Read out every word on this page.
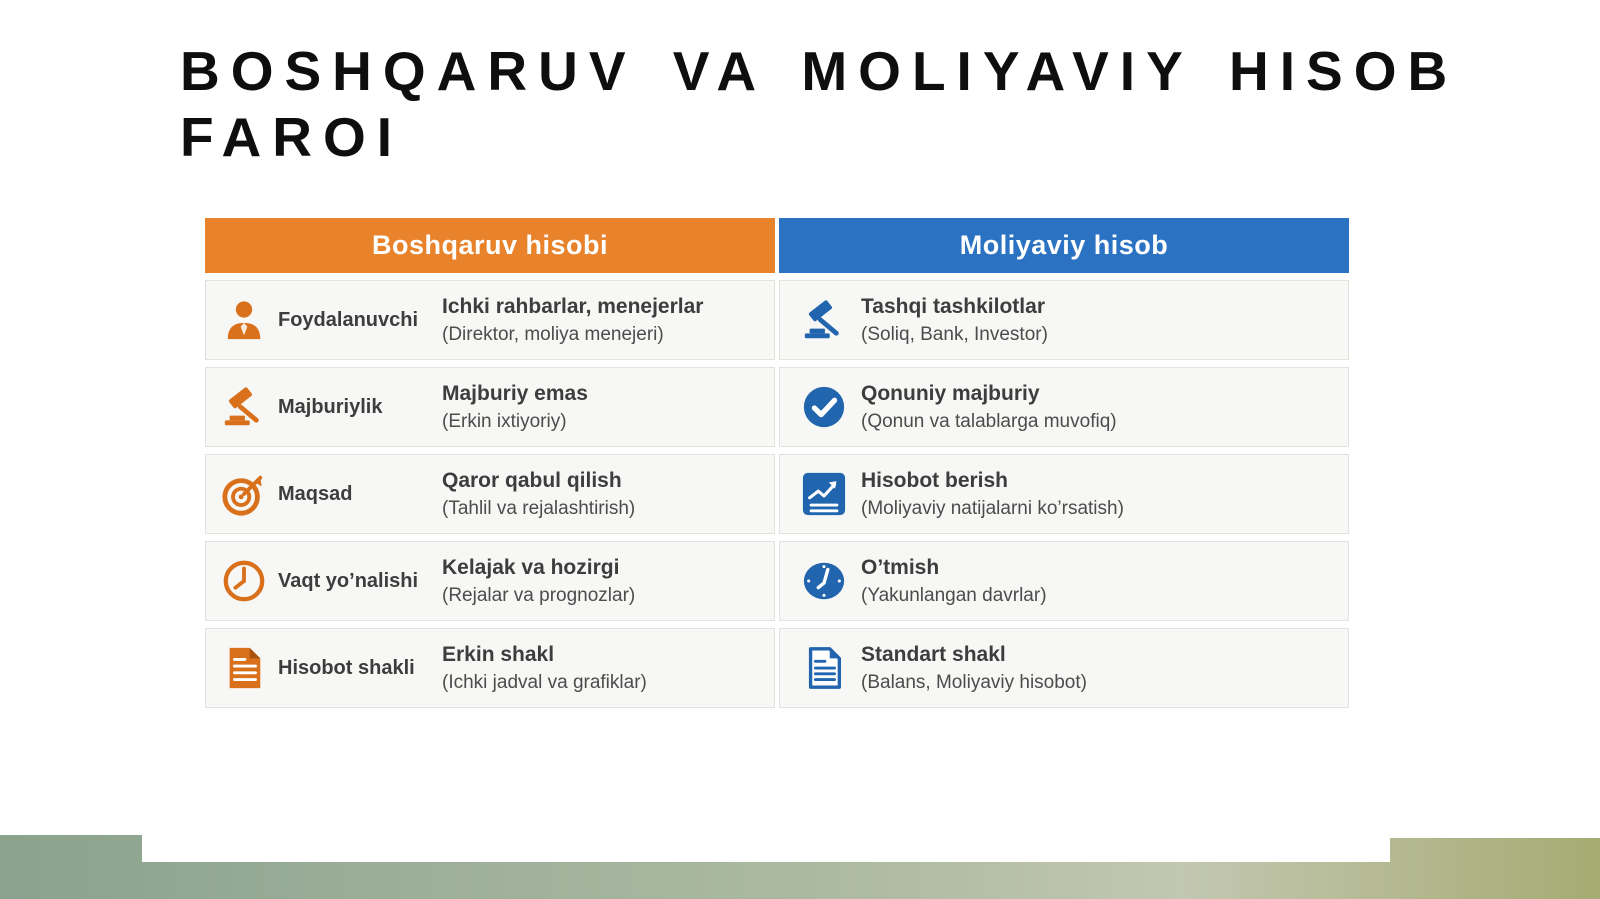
BOSHQARUV VA MOLIYAVIY HISOB
FAROI
Boshqaruv hisobi	Moliyaviy hisob
Foydalanuvchi
Ichki rahbarlar, menejerlar
(Direktor, moliya menejeri)
Tashqi tashkilotlar
(Soliq, Bank, Investor)
Majburiylik
Majburiy emas
(Erkin ixtiyoriy)
Qonuniy majburiy
(Qonun va talablarga muvofiq)
Maqsad
Qaror qabul qilish
(Tahlil va rejalashtirish)
Hisobot berish
(Moliyaviy natijalarni ko’rsatish)
Vaqt yo’nalishi
Kelajak va hozirgi
(Rejalar va prognozlar)
O’tmish
(Yakunlangan davrlar)
Hisobot shakli
Erkin shakl
(Ichki jadval va grafiklar)
Standart shakl
(Balans, Moliyaviy hisobot)
